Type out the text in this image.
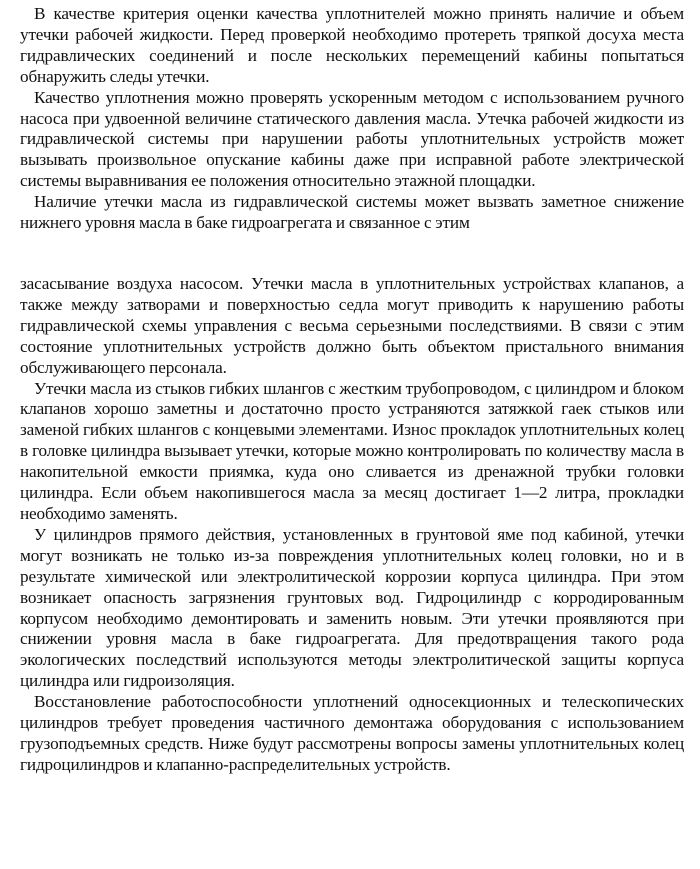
В качестве критерия оценки качества уплотнителей можно принять наличие и объем утечки рабочей жидкости. Перед проверкой необходимо протереть тряпкой досуха места гидравлических соединений и после нескольких перемещений кабины попытаться обнаружить следы утечки.

Качество уплотнения можно проверять ускоренным методом с использованием ручного насоса при удвоенной величине статического давления масла. Утечка рабочей жидкости из гидравлической системы при нарушении работы уплотнительных устройств может вызывать произвольное опускание кабины даже при исправной работе электрической системы выравнивания ее положения относительно этажной площадки.

Наличие утечки масла из гидравлической системы может вызвать заметное снижение нижнего уровня масла в баке гидроагрегата и связанное с этим

засасывание воздуха насосом. Утечки масла в уплотнительных устройствах клапанов, а также между затворами и поверхностью седла могут приводить к нарушению работы гидравлической схемы управления с весьма серьезными последствиями. В связи с этим состояние уплотнительных устройств должно быть объектом пристального внимания обслуживающего персонала.

Утечки масла из стыков гибких шлангов с жестким трубопроводом, с цилиндром и блоком клапанов хорошо заметны и достаточно просто устраняются затяжкой гаек стыков или заменой гибких шлангов с концевыми элементами. Износ прокладок уплотнительных колец в головке цилиндра вызывает утечки, которые можно контролировать по количеству масла в накопительной емкости приямка, куда оно сливается из дренажной трубки головки цилиндра. Если объем накопившегося масла за месяц достигает 1—2 литра, прокладки необходимо заменять.

У цилиндров прямого действия, установленных в грунтовой яме под кабиной, утечки могут возникать не только из-за повреждения уплотнительных колец головки, но и в результате химической или электролитической коррозии корпуса цилиндра. При этом возникает опасность загрязнения грунтовых вод. Гидроцилиндр с корродированным корпусом необходимо демонтировать и заменить новым. Эти утечки проявляются при снижении уровня масла в баке гидроагрегата. Для предотвращения такого рода экологических последствий используются методы электролитической защиты корпуса цилиндра или гидроизоляция.

Восстановление работоспособности уплотнений односекционных и телескопических цилиндров требует проведения частичного демонтажа оборудования с использованием грузоподъемных средств. Ниже будут рассмотрены вопросы замены уплотнительных колец гидроцилиндров и клапанно-распределительных устройств.
